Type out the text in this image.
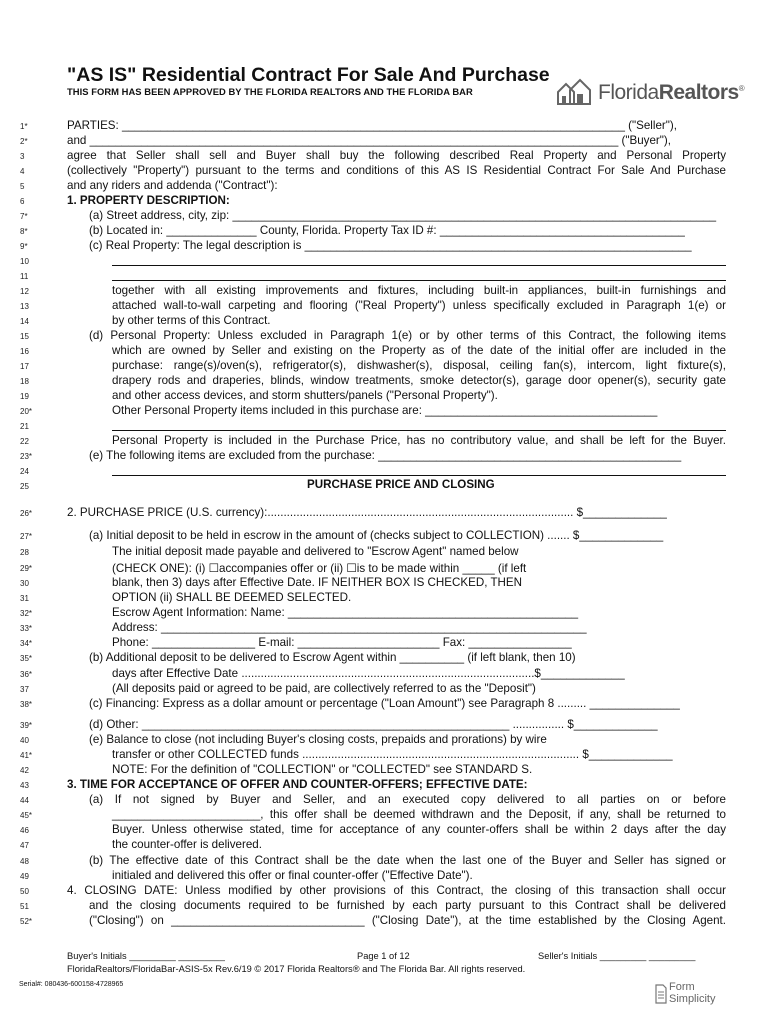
"AS IS" Residential Contract For Sale And Purchase
THIS FORM HAS BEEN APPROVED BY THE FLORIDA REALTORS AND THE FLORIDA BAR	FloridaRealtors®
1*	PARTIES: ______________________________________________________________________________ ("Seller"),
2*	and __________________________________________________________________________________ ("Buyer"),
3	agree that Seller shall sell and Buyer shall buy the following described Real Property and Personal Property
4	(collectively "Property") pursuant to the terms and conditions of this AS IS Residential Contract For Sale And Purchase
5	and any riders and addenda ("Contract"):
6	1. PROPERTY DESCRIPTION:
7*	(a) Street address, city, zip: ___________________________________________________________________________
8*	(b) Located in: ______________ County, Florida. Property Tax ID #: ______________________________________
9*	(c) Real Property: The legal description is ____________________________________________________________
10
11
12	together with all existing improvements and fixtures, including built-in appliances, built-in furnishings and
13	attached wall-to-wall carpeting and flooring ("Real Property") unless specifically excluded in Paragraph 1(e) or
14	by other terms of this Contract.
15	(d) Personal Property: Unless excluded in Paragraph 1(e) or by other terms of this Contract, the following items
16	which are owned by Seller and existing on the Property as of the date of the initial offer are included in the
17	purchase: range(s)/oven(s), refrigerator(s), dishwasher(s), disposal, ceiling fan(s), intercom, light fixture(s),
18	drapery rods and draperies, blinds, window treatments, smoke detector(s), garage door opener(s), security gate
19	and other access devices, and storm shutters/panels ("Personal Property").
20*	Other Personal Property items included in this purchase are: ____________________________________
21
22	Personal Property is included in the Purchase Price, has no contributory value, and shall be left for the Buyer.
23*	(e) The following items are excluded from the purchase: _______________________________________________
24
25
26*	2. PURCHASE PRICE (U.S. currency):............................................................................................... $_____________
27*	(a) Initial deposit to be held in escrow in the amount of (checks subject to COLLECTION) ....... $_____________
28	The initial deposit made payable and delivered to "Escrow Agent" named below
29*	(CHECK ONE): (i) ☐accompanies offer or (ii) ☐is to be made within _____ (if left
30	blank, then 3) days after Effective Date. IF NEITHER BOX IS CHECKED, THEN
31	OPTION (ii) SHALL BE DEEMED SELECTED.
32*	Escrow Agent Information: Name: _____________________________________________
33*	Address: __________________________________________________________________
34*	Phone: ________________ E-mail: ______________________ Fax: ________________
35*	(b) Additional deposit to be delivered to Escrow Agent within __________ (if left blank, then 10)
36*	days after Effective Date ...........................................................................................$_____________
37	(All deposits paid or agreed to be paid, are collectively referred to as the "Deposit")
38*	(c) Financing: Express as a dollar amount or percentage ("Loan Amount") see Paragraph 8 ......... ______________
39*	(d) Other: _________________________________________________________ ................ $_____________
40	(e) Balance to close (not including Buyer's closing costs, prepaids and prorations) by wire
41*	transfer or other COLLECTED funds ...................................................................................... $_____________
42	NOTE: For the definition of "COLLECTION" or "COLLECTED" see STANDARD S.
43	3. TIME FOR ACCEPTANCE OF OFFER AND COUNTER-OFFERS; EFFECTIVE DATE:
44	(a) If not signed by Buyer and Seller, and an executed copy delivered to all parties on or before
45*	_______________________, this offer shall be deemed withdrawn and the Deposit, if any, shall be returned to
46	Buyer. Unless otherwise stated, time for acceptance of any counter-offers shall be within 2 days after the day
47	the counter-offer is delivered.
48	(b) The effective date of this Contract shall be the date when the last one of the Buyer and Seller has signed or
49	initialed and delivered this offer or final counter-offer ("Effective Date").
50	4. CLOSING DATE: Unless modified by other provisions of this Contract, the closing of this transaction shall occur
51	and the closing documents required to be furnished by each party pursuant to this Contract shall be delivered
52*	("Closing") on ______________________________ ("Closing Date"), at the time established by the Closing Agent.
PURCHASE PRICE AND CLOSING
Buyer's Initials _________ _________	Page 1 of 12	Seller's Initials _________ _________
FloridaRealtors/FloridaBar-ASIS-5x Rev.6/19 © 2017 Florida Realtors® and The Florida Bar. All rights reserved.
Serial#: 080436-600158-4728965	Form
Simplicity
